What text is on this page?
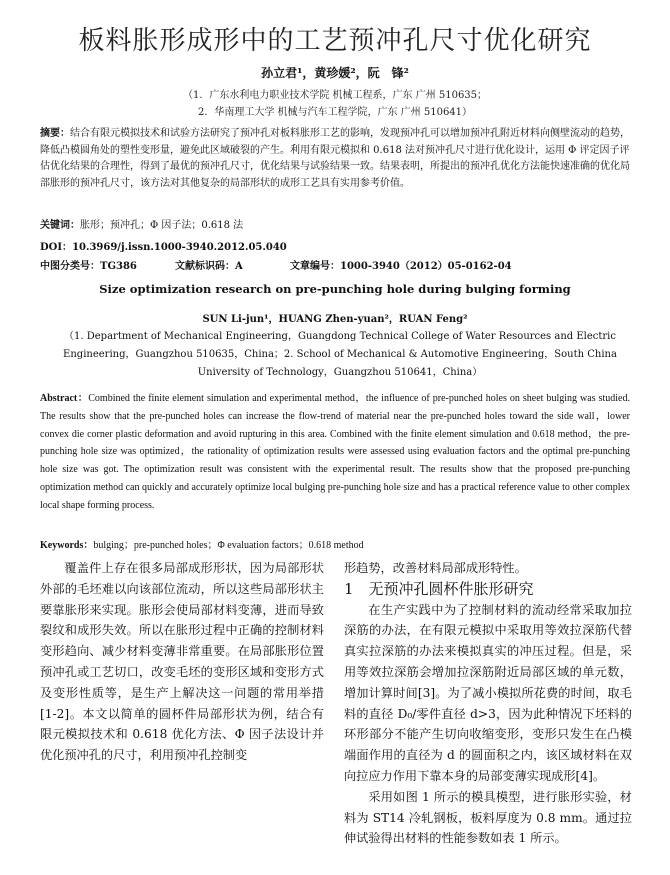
板料胀形成形中的工艺预冲孔尺寸优化研究
孙立君¹，黄珍媛²，阮　锋²
（1．广东水利电力职业技术学院 机械工程系，广东 广州 510635；
2．华南理工大学 机械与汽车工程学院，广东 广州 510641）
摘要：结合有限元模拟技术和试验方法研究了预冲孔对板料胀形工艺的影响，发现预冲孔可以增加预冲孔附近材料向侧壁流动的趋势，降低凸模圆角处的塑性变形量，避免此区域破裂的产生。利用有限元模拟和 0.618 法对预冲孔尺寸进行优化设计，运用 Φ 评定因子评估优化结果的合理性，得到了最优的预冲孔尺寸，优化结果与试验结果一致。结果表明，所提出的预冲孔优化方法能快速准确的优化局部胀形的预冲孔尺寸，该方法对其他复杂的局部形状的成形工艺具有实用参考价值。
关键词：胀形；预冲孔；Φ 因子法；0.618 法
DOI：10.3969/j.issn.1000-3940.2012.05.040
中图分类号：TG386	文献标识码：A	文章编号：1000-3940（2012）05-0162-04
Size optimization research on pre-punching hole during bulging forming
SUN Li-jun¹，HUANG Zhen-yuan²，RUAN Feng²
（1. Department of Mechanical Engineering，Guangdong Technical College of Water Resources and Electric Engineering，Guangzhou 510635，China；2. School of Mechanical & Automotive Engineering，South China University of Technology，Guangzhou 510641，China）
Abstract：Combined the finite element simulation and experimental method，the influence of pre-punched holes on sheet bulging was studied. The results show that the pre-punched holes can increase the flow-trend of material near the pre-punched holes toward the side wall，lower convex die corner plastic deformation and avoid rupturing in this area. Combined with the finite element simulation and 0.618 method，the pre-punching hole size was optimized，the rationality of optimization results were assessed using evaluation factors and the optimal pre-punching hole size was got. The optimization result was consistent with the experimental result. The results show that the proposed pre-punching optimization method can quickly and accurately optimize local bulging pre-punching hole size and has a practical reference value to other complex local shape forming process.
Keywords：bulging；pre-punched holes；Φ evaluation factors；0.618 method

覆盖件上存在很多局部成形形状，因为局部形状外部的毛坯难以向该部位流动，所以这些局部形状主要靠胀形来实现。胀形会使局部材料变薄，进而导致裂纹和成形失效。所以在胀形过程中正确的控制材料变形趋向、减少材料变薄非常重要。在局部胀形位置预冲孔或工艺切口，改变毛坯的变形区域和变形方式及变形性质等，是生产上解决这一问题的常用举措[1-2]。本文以简单的圆杯件局部形状为例，结合有限元模拟技术和 0.618 优化方法、Φ 因子法设计并优化预冲孔的尺寸，利用预冲孔控制变

形趋势，改善材料局部成形特性。

1　无预冲孔圆杯件胀形研究

在生产实践中为了控制材料的流动经常采取加拉深筋的办法，在有限元模拟中采取用等效拉深筋代替真实拉深筋的办法来模拟真实的冲压过程。但是，采用等效拉深筋会增加拉深筋附近局部区域的单元数，增加计算时间[3]。为了减小模拟所花费的时间，取毛料的直径 D₀/零件直径 d>3，因为此种情况下坯料的环形部分不能产生切向收缩变形，变形只发生在凸模端面作用的直径为 d 的圆面积之内，该区域材料在双向拉应力作用下靠本身的局部变薄实现成形[4]。

采用如图 1 所示的模具模型，进行胀形实验，材料为 ST14 冷轧钢板，板料厚度为 0.8 mm。通过拉伸试验得出材料的性能参数如表 1 所示。
